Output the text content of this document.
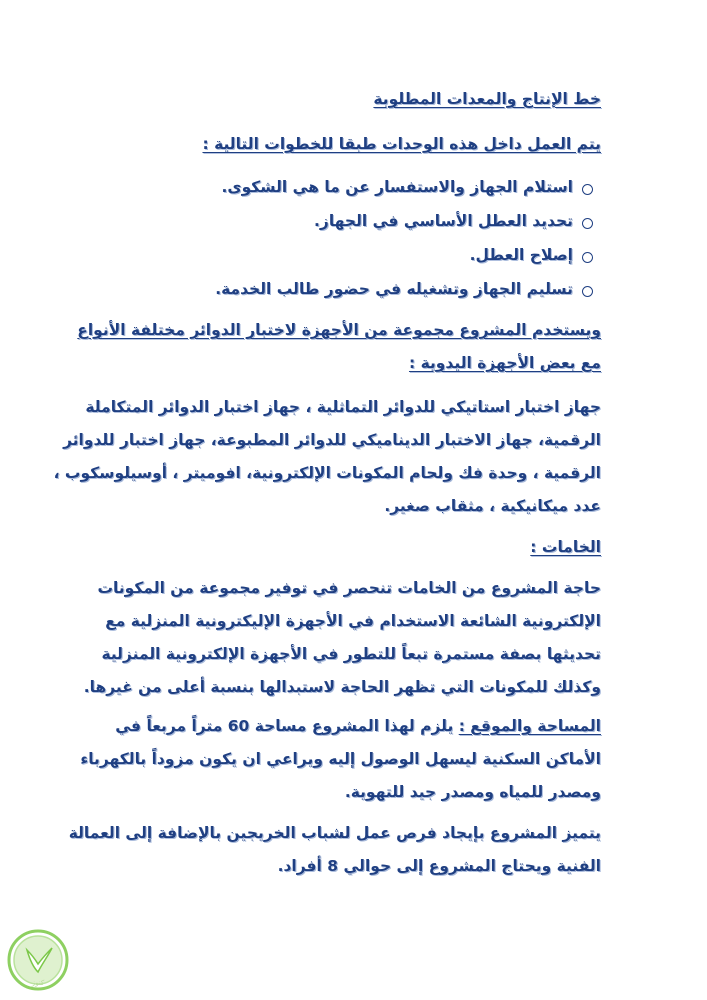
خط الإنتاج والمعدات المطلوبة
يتم العمل داخل هذه الوحدات طبقا للخطوات التالية :
استلام الجهاز والاستفسار عن ما هي الشكوى.
تحديد العطل الأساسي في الجهاز.
إصلاح العطل.
تسليم الجهاز وتشغيله في حضور طالب الخدمة.
ويستخدم المشروع مجموعة من الأجهزة لاختبار الدوائر مختلفة الأنواع
مع بعض الأجهزة اليدوية :
جهاز اختبار استاتيكي للدوائر التماثلية ، جهاز اختبار الدوائر المتكاملة
الرقمية، جهاز الاختبار الديناميكي للدوائر المطبوعة، جهاز اختبار للدوائر
الرقمية ، وحدة فك ولحام المكونات الإلكترونية، افوميتر ، أوسيلوسكوب ،
عدد ميكانيكية ، مثقاب صغير.
الخامات :
حاجة المشروع من الخامات تنحصر في توفير مجموعة من المكونات
الإلكترونية الشائعة الاستخدام في الأجهزة الإليكترونية المنزلية مع
تحديثها بصفة مستمرة تبعاً للتطور في الأجهزة الإلكترونية المنزلية
وكذلك للمكونات التي تظهر الحاجة لاستبدالها بنسبة أعلى من غيرها.
المساحة والموقع : يلزم لهذا المشروع مساحة 60 متراً مربعاً في
الأماكن السكنية ليسهل الوصول إليه ويراعي ان يكون مزوداً بالكهرباء
ومصدر للمياه ومصدر جيد للتهوية.
يتميز المشروع بإيجاد فرص عمل لشباب الخريجين بالإضافة إلى العمالة
الفنية ويحتاج المشروع إلى حوالي 8 أفراد.
كنوز
